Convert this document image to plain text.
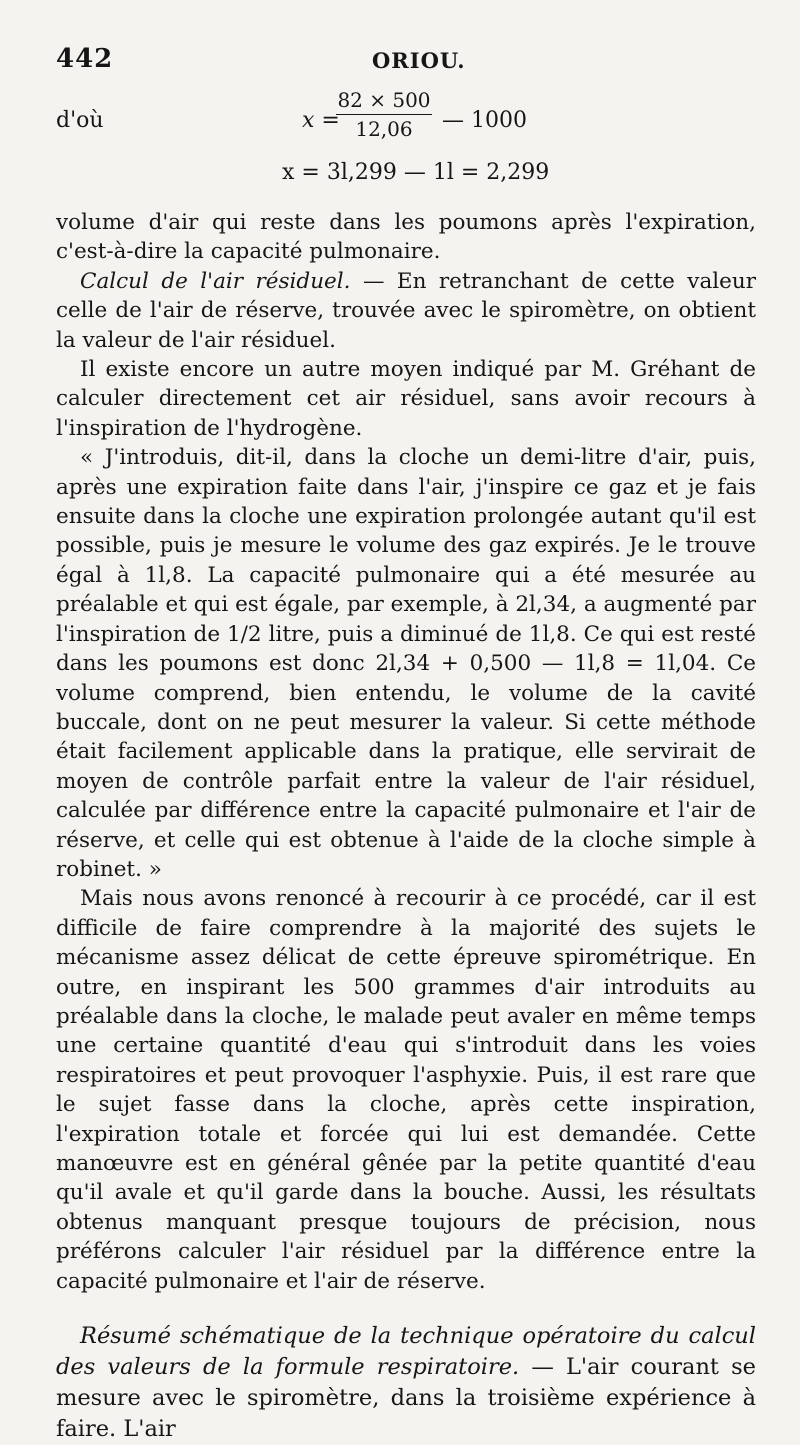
442	ORIOU.
d'où	x =
$\frac{82 \times 500}{12,06}$ — 1000
x = 3l,299 — 1l = 2,299

volume d'air qui reste dans les poumons après l'expiration, c'est-à-dire la capacité pulmonaire.

Calcul de l'air résiduel. — En retranchant de cette valeur celle de l'air de réserve, trouvée avec le spiromètre, on obtient la valeur de l'air résiduel.

Il existe encore un autre moyen indiqué par M. Gréhant de calculer directement cet air résiduel, sans avoir recours à l'inspiration de l'hydrogène.

« J'introduis, dit-il, dans la cloche un demi-litre d'air, puis, après une expiration faite dans l'air, j'inspire ce gaz et je fais ensuite dans la cloche une expiration prolongée autant qu'il est possible, puis je mesure le volume des gaz expirés. Je le trouve égal à 1l,8. La capacité pulmonaire qui a été mesurée au préalable et qui est égale, par exemple, à 2l,34, a augmenté par l'inspiration de 1/2 litre, puis a diminué de 1l,8. Ce qui est resté dans les poumons est donc 2l,34 + 0,500 — 1l,8 = 1l,04. Ce volume comprend, bien entendu, le volume de la cavité buccale, dont on ne peut mesurer la valeur. Si cette méthode était facilement applicable dans la pratique, elle servirait de moyen de contrôle parfait entre la valeur de l'air résiduel, calculée par différence entre la capacité pulmonaire et l'air de réserve, et celle qui est obtenue à l'aide de la cloche simple à robinet. »

Mais nous avons renoncé à recourir à ce procédé, car il est difficile de faire comprendre à la majorité des sujets le mécanisme assez délicat de cette épreuve spirométrique. En outre, en inspirant les 500 grammes d'air introduits au préalable dans la cloche, le malade peut avaler en même temps une certaine quantité d'eau qui s'introduit dans les voies respiratoires et peut provoquer l'asphyxie. Puis, il est rare que le sujet fasse dans la cloche, après cette inspiration, l'expiration totale et forcée qui lui est demandée. Cette manœuvre est en général gênée par la petite quantité d'eau qu'il avale et qu'il garde dans la bouche. Aussi, les résultats obtenus manquant presque toujours de précision, nous préférons calculer l'air résiduel par la différence entre la capacité pulmonaire et l'air de réserve.

Résumé schématique de la technique opératoire du calcul des valeurs de la formule respiratoire. — L'air courant se mesure avec le spiromètre, dans la troisième expérience à faire. L'air
